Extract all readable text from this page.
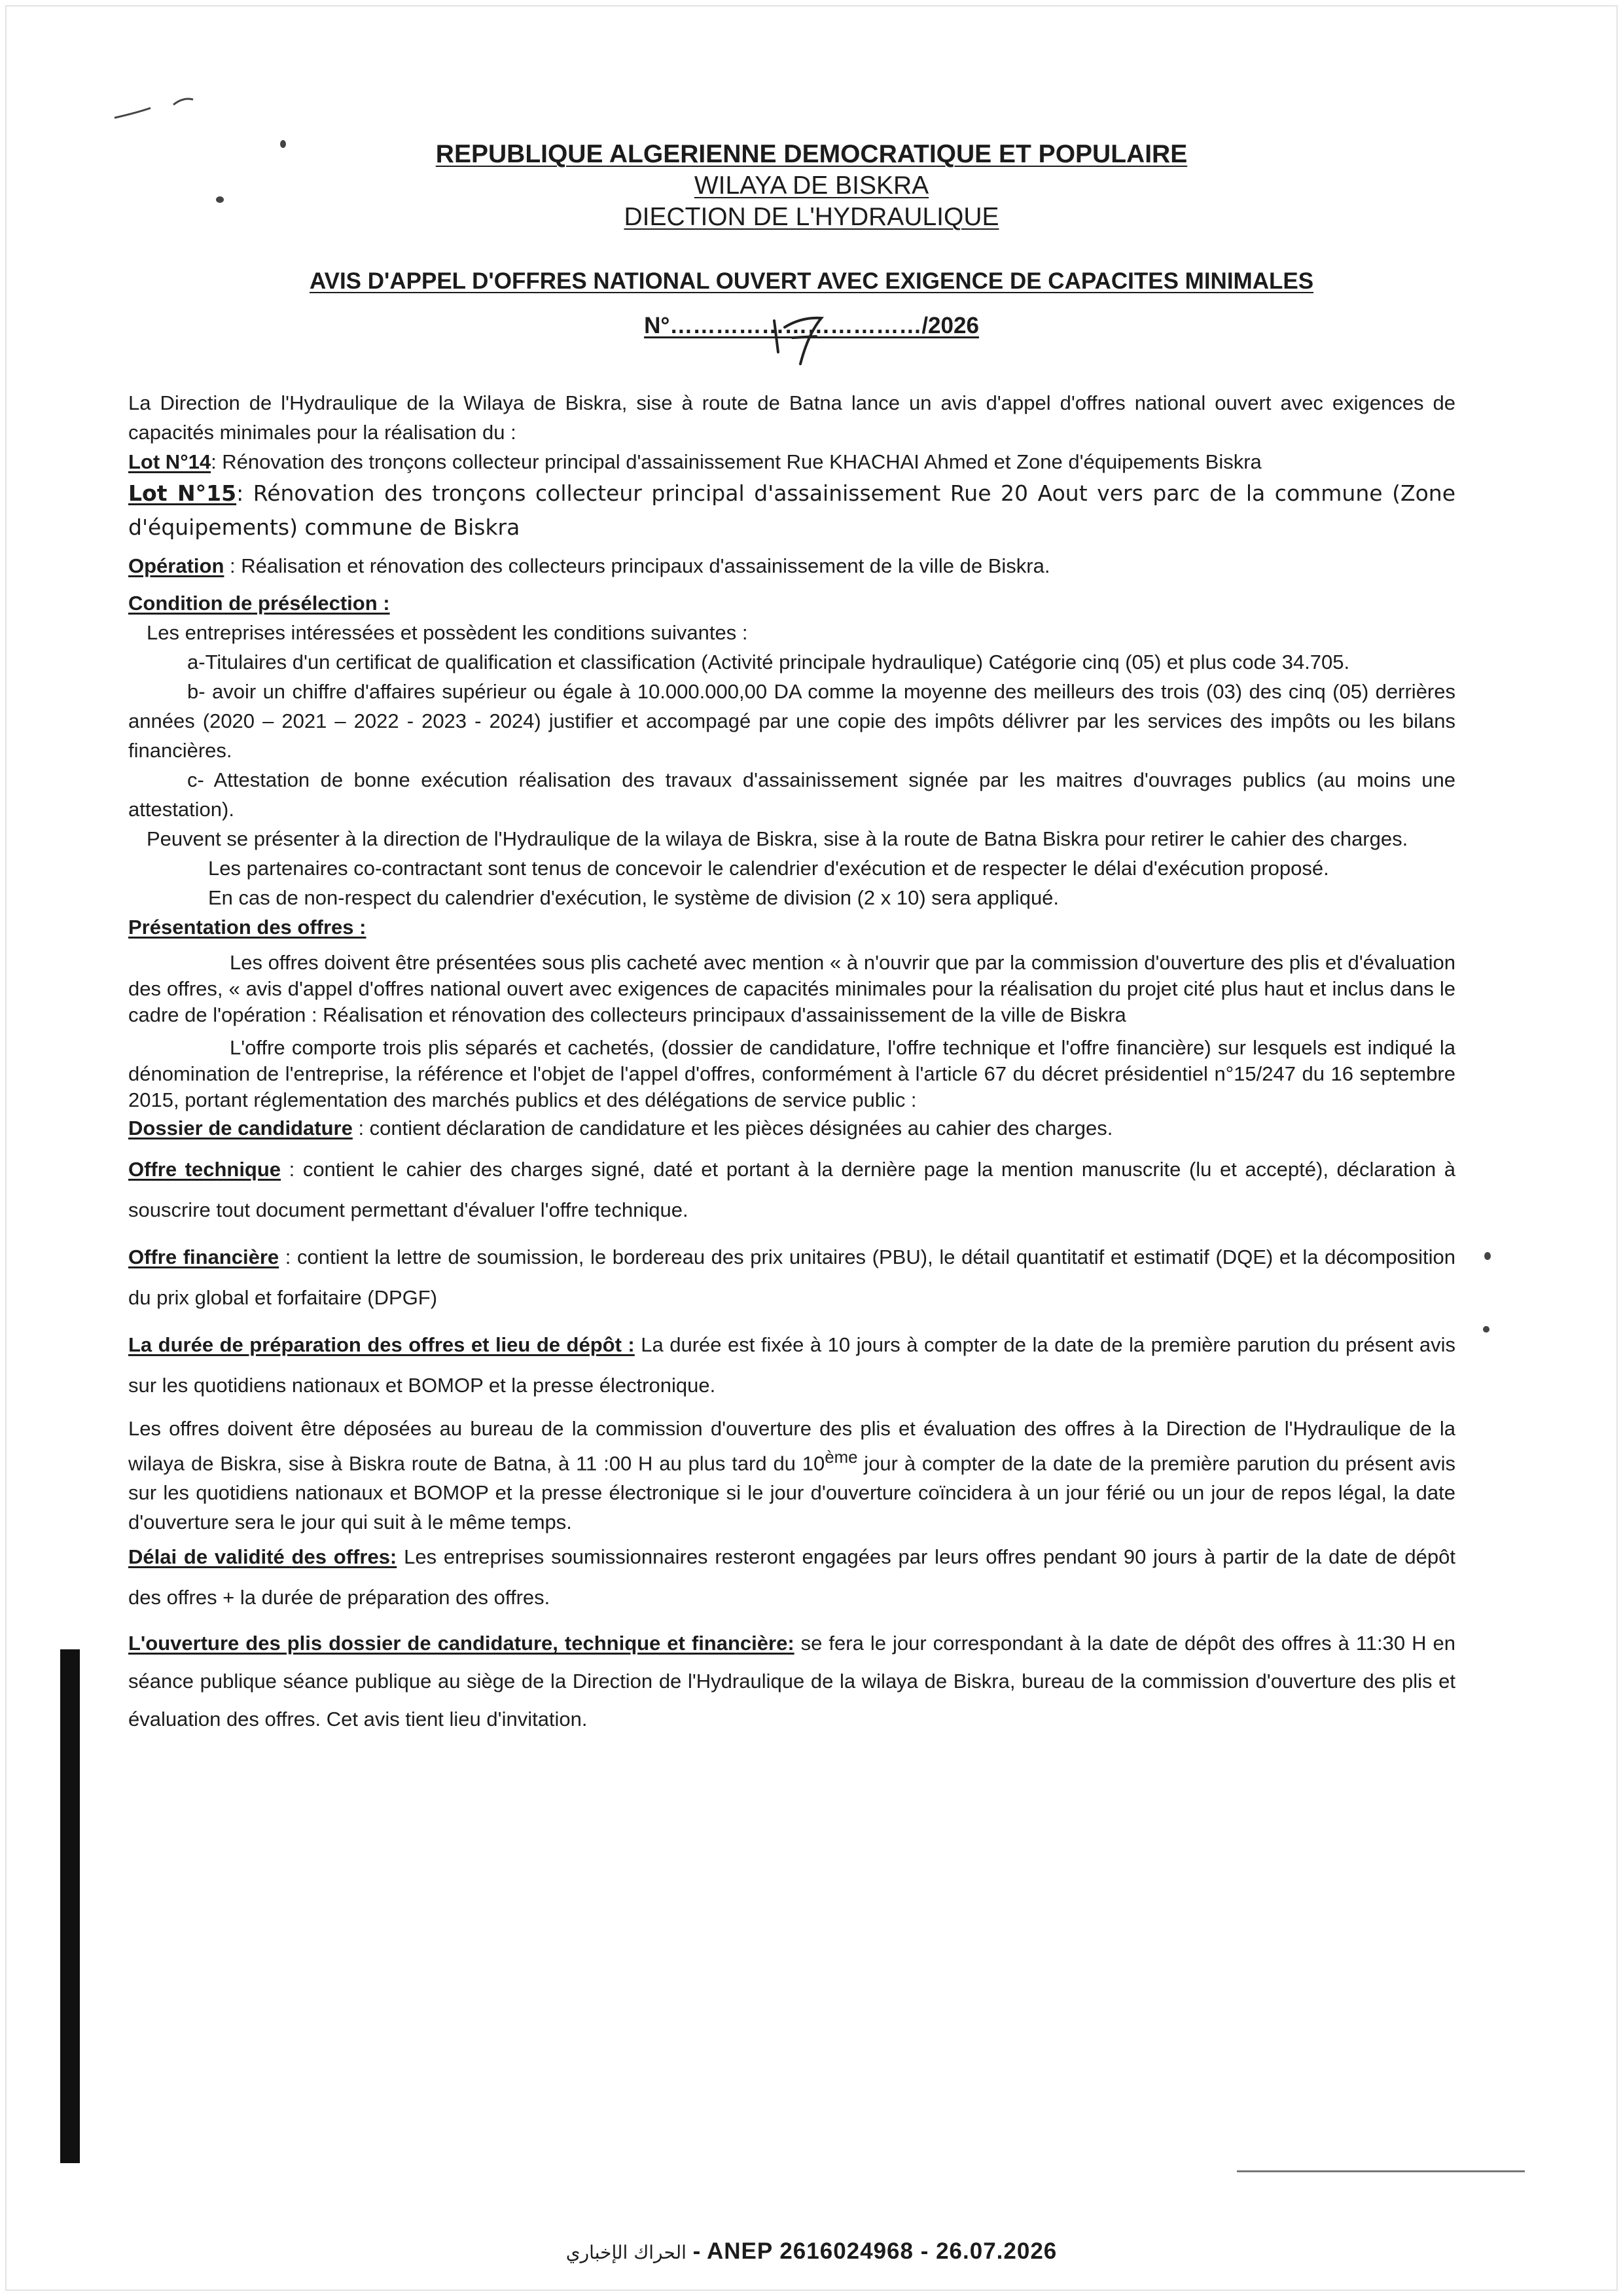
REPUBLIQUE ALGERIENNE DEMOCRATIQUE ET POPULAIRE
WILAYA DE BISKRA
DIECTION DE L'HYDRAULIQUE
AVIS D'APPEL D'OFFRES NATIONAL OUVERT AVEC EXIGENCE DE CAPACITES MINIMALES
N°……………………………/2026

La Direction de l'Hydraulique de la Wilaya de Biskra, sise à route de Batna lance un avis d'appel d'offres national ouvert avec exigences de capacités minimales pour la réalisation du :

Lot N°14: Rénovation des tronçons collecteur principal d'assainissement Rue KHACHAI Ahmed et Zone d'équipements Biskra

Lot N°15: Rénovation des tronçons collecteur principal d'assainissement Rue 20 Aout vers parc de la commune (Zone d'équipements) commune de Biskra

Opération : Réalisation et rénovation des collecteurs principaux d'assainissement de la ville de Biskra.

Condition de présélection :

Les entreprises intéressées et possèdent les conditions suivantes :

a-Titulaires d'un certificat de qualification et classification (Activité principale hydraulique) Catégorie cinq (05) et plus code 34.705.

b- avoir un chiffre d'affaires supérieur ou égale à 10.000.000,00 DA comme la moyenne des meilleurs des trois (03) des cinq (05) derrières années (2020 – 2021 – 2022 - 2023 - 2024) justifier et accompagé par une copie des impôts délivrer par les services des impôts ou les bilans financières.

c- Attestation de bonne exécution réalisation des travaux d'assainissement signée par les maitres d'ouvrages publics (au moins une attestation).

Peuvent se présenter à la direction de l'Hydraulique de la wilaya de Biskra, sise à la route de Batna Biskra pour retirer le cahier des charges.

Les partenaires co-contractant sont tenus de concevoir le calendrier d'exécution et de respecter le délai d'exécution proposé.

En cas de non-respect du calendrier d'exécution, le système de division (2 x 10) sera appliqué.

Présentation des offres :

Les offres doivent être présentées sous plis cacheté avec mention « à n'ouvrir que par la commission d'ouverture des plis et d'évaluation des offres, « avis d'appel d'offres national ouvert avec exigences de capacités minimales pour la réalisation du projet cité plus haut et inclus dans le cadre de l'opération : Réalisation et rénovation des collecteurs principaux d'assainissement de la ville de Biskra

L'offre comporte trois plis séparés et cachetés, (dossier de candidature, l'offre technique et l'offre financière) sur lesquels est indiqué la dénomination de l'entreprise, la référence et l'objet de l'appel d'offres, conformément à l'article 67 du décret présidentiel n°15/247 du 16 septembre 2015, portant réglementation des marchés publics et des délégations de service public :

Dossier de candidature : contient déclaration de candidature et les pièces désignées au cahier des charges.

Offre technique : contient le cahier des charges signé, daté et portant à la dernière page la mention manuscrite (lu et accepté), déclaration à souscrire tout document permettant d'évaluer l'offre technique.

Offre financière : contient la lettre de soumission, le bordereau des prix unitaires (PBU), le détail quantitatif et estimatif (DQE) et la décomposition du prix global et forfaitaire (DPGF)

La durée de préparation des offres et lieu de dépôt : La durée est fixée à 10 jours à compter de la date de la première parution du présent avis sur les quotidiens nationaux et BOMOP et la presse électronique.

Les offres doivent être déposées au bureau de la commission d'ouverture des plis et évaluation des offres à la Direction de l'Hydraulique de la wilaya de Biskra, sise à Biskra route de Batna, à 11 :00 H au plus tard du 10ème jour à compter de la date de la première parution du présent avis sur les quotidiens nationaux et BOMOP et la presse électronique si le jour d'ouverture coïncidera à un jour férié ou un jour de repos légal, la date d'ouverture sera le jour qui suit à le même temps.

Délai de validité des offres: Les entreprises soumissionnaires resteront engagées par leurs offres pendant 90 jours à partir de la date de dépôt des offres + la durée de préparation des offres.

L'ouverture des plis dossier de candidature, technique et financière: se fera le jour correspondant à la date de dépôt des offres à 11:30 H en séance publique séance publique au siège de la Direction de l'Hydraulique de la wilaya de Biskra, bureau de la commission d'ouverture des plis et évaluation des offres. Cet avis tient lieu d'invitation.

الحراك الإخباري - ANEP 2616024968 - 26.07.2026
